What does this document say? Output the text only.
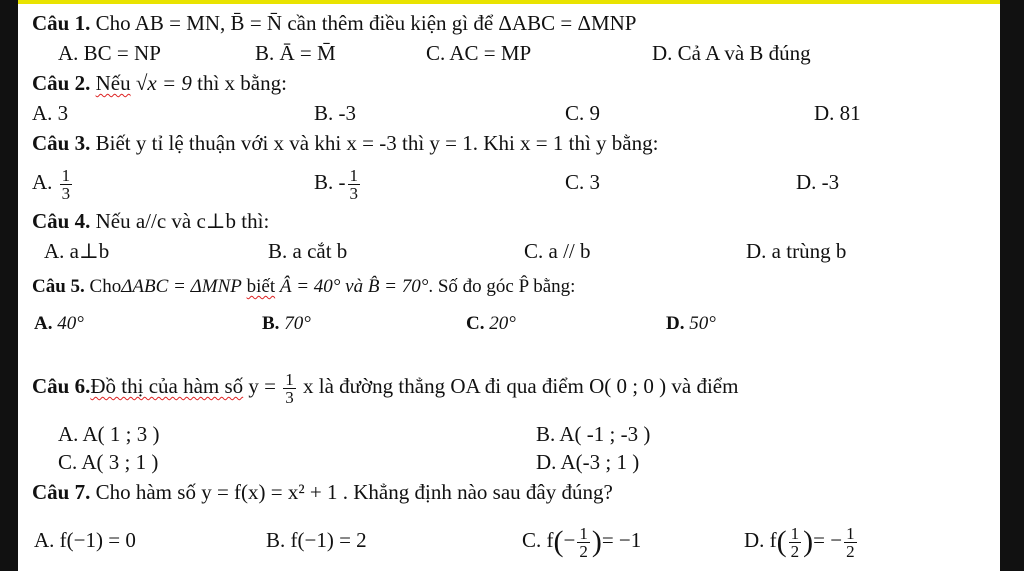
Câu 1. Cho AB = MN, B̄ = N̄ cần thêm điều kiện gì để ΔABC = ΔMNP
A. BC = NP	B. Ā = M̄	C. AC = MP	D. Cả A và B đúng
Câu 2. Nếu √x = 9 thì x bằng:
A. 3	B. -3	C. 9	D. 81
Câu 3. Biết y tỉ lệ thuận với x và khi x = -3 thì y = 1. Khi x = 1 thì y bằng:
A. $\frac{1}{3}$	B. - $\frac{1}{3}$	C. 3	D. -3
Câu 4. Nếu a//c và c⊥b thì:
A. a⊥b	B. a cắt b	C. a // b	D. a trùng b
Câu 5. ChoΔABC = ΔMNP biết Â = 40° và B̂ = 70°. Số đo góc P̂ bằng:
A. 40°	B. 70°	C. 20°	D. 50°
Câu 6.Đồ thị của hàm số $y = \frac{1}{3}$ x là đường thẳng OA đi qua điểm O( 0 ; 0 ) và điểm
A. A( 1 ; 3 )	B. A( -1 ; -3 )
C. A( 3 ; 1 )	D. A(-3 ; 1 )
Câu 7. Cho hàm số y = f(x) = x² + 1 . Khẳng định nào sau đây đúng?
A. f(−1) = 0	B. f(−1) = 2	C. $f(- \frac{1}{2}$ )= −1	D. $f( \frac{1}{2}$ )= − $\frac{1}{2}$
